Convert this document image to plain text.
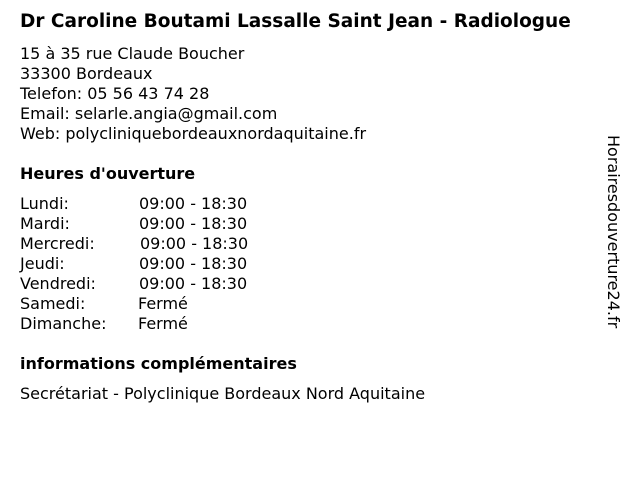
Dr Caroline Boutami Lassalle Saint Jean - Radiologue
15 à 35 rue Claude Boucher
33300 Bordeaux
Telefon: 05 56 43 74 28
Email: selarle.angia@gmail.com
Web: polycliniquebordeauxnordaquitaine.fr
Heures d'ouverture
Lundi:	09:00 - 18:30
Mardi:	09:00 - 18:30
Mercredi:	09:00 - 18:30
Jeudi:	09:00 - 18:30
Vendredi:	09:00 - 18:30
Samedi:	Fermé
Dimanche: Fermé
informations complémentaires
Secrétariat - Polyclinique Bordeaux Nord Aquitaine
Horairesdouverture24.fr
